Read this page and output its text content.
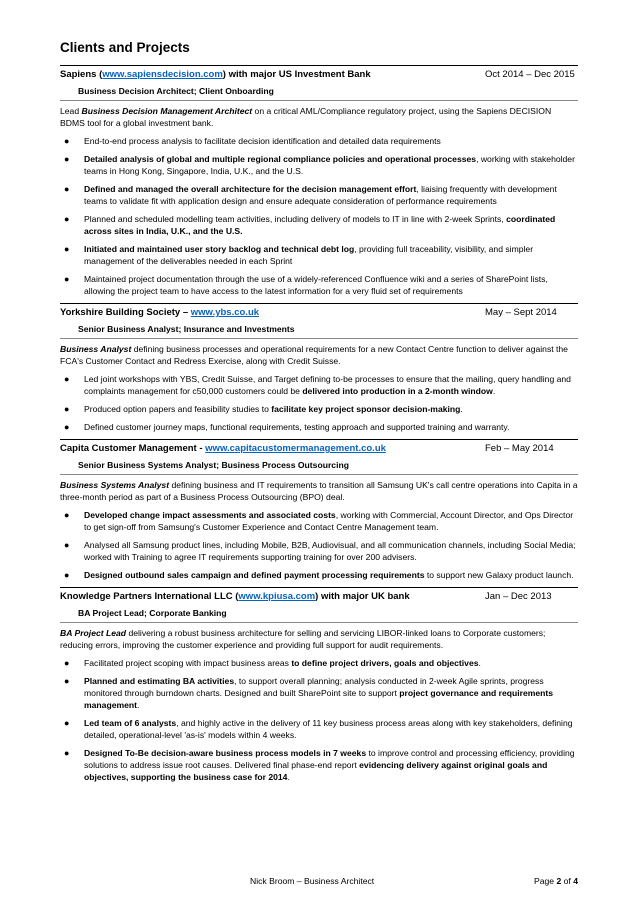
Clients and Projects
Sapiens (www.sapiensdecision.com) with major US Investment Bank	Oct 2014 – Dec 2015
Business Decision Architect; Client Onboarding

Lead Business Decision Management Architect on a critical AML/Compliance regulatory project, using the Sapiens DECISION BDMS tool for a global investment bank.

● End-to-end process analysis to facilitate decision identification and detailed data requirements
● Detailed analysis of global and multiple regional compliance policies and operational processes, working with stakeholder teams in Hong Kong, Singapore, India, U.K., and the U.S.
● Defined and managed the overall architecture for the decision management effort, liaising frequently with development teams to validate fit with application design and ensure adequate consideration of performance requirements
● Planned and scheduled modelling team activities, including delivery of models to IT in line with 2-week Sprints, coordinated across sites in India, U.K., and the U.S.
● Initiated and maintained user story backlog and technical debt log, providing full traceability, visibility, and simpler management of the deliverables needed in each Sprint
● Maintained project documentation through the use of a widely-referenced Confluence wiki and a series of SharePoint lists, allowing the project team to have access to the latest information for a very fluid set of requirements
Yorkshire Building Society – www.ybs.co.uk	May – Sept 2014
Senior Business Analyst; Insurance and Investments

Business Analyst defining business processes and operational requirements for a new Contact Centre function to deliver against the FCA's Customer Contact and Redress Exercise, along with Credit Suisse.

● Led joint workshops with YBS, Credit Suisse, and Target defining to-be processes to ensure that the mailing, query handling and complaints management for c50,000 customers could be delivered into production in a 2-month window.
● Produced option papers and feasibility studies to facilitate key project sponsor decision-making.
● Defined customer journey maps, functional requirements, testing approach and supported training and warranty.
Capita Customer Management - www.capitacustomermanagement.co.uk	Feb – May 2014
Senior Business Systems Analyst; Business Process Outsourcing

Business Systems Analyst defining business and IT requirements to transition all Samsung UK's call centre operations into Capita in a three-month period as part of a Business Process Outsourcing (BPO) deal.

● Developed change impact assessments and associated costs, working with Commercial, Account Director, and Ops Director to get sign-off from Samsung's Customer Experience and Contact Centre Management team.
● Analysed all Samsung product lines, including Mobile, B2B, Audiovisual, and all communication channels, including Social Media; worked with Training to agree IT requirements supporting training for over 200 advisers.
● Designed outbound sales campaign and defined payment processing requirements to support new Galaxy product launch.
Knowledge Partners International LLC (www.kpiusa.com) with major UK bank	Jan – Dec 2013
BA Project Lead; Corporate Banking

BA Project Lead delivering a robust business architecture for selling and servicing LIBOR-linked loans to Corporate customers; reducing errors, improving the customer experience and providing full support for audit requirements.

● Facilitated project scoping with impact business areas to define project drivers, goals and objectives.
● Planned and estimating BA activities, to support overall planning; analysis conducted in 2-week Agile sprints, progress monitored through burndown charts. Designed and built SharePoint site to support project governance and requirements management.
● Led team of 6 analysts, and highly active in the delivery of 11 key business process areas along with key stakeholders, defining detailed, operational-level 'as-is' models within 4 weeks.
● Designed To-Be decision-aware business process models in 7 weeks to improve control and processing efficiency, providing solutions to address issue root causes. Delivered final phase-end report evidencing delivery against original goals and objectives, supporting the business case for 2014.
Nick Broom – Business Architect	Page 2 of 4
